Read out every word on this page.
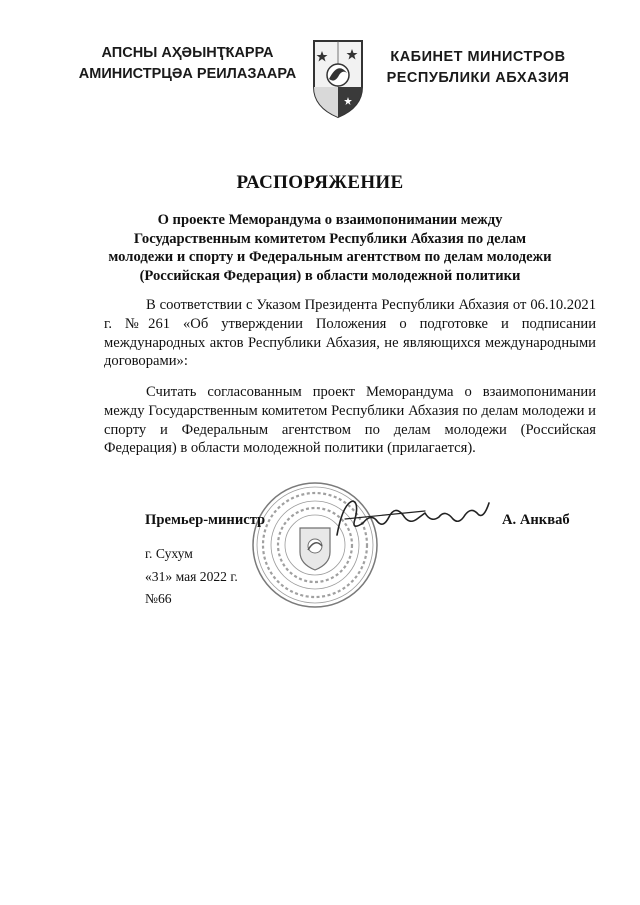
АПСНЫ АҲӘЫНҬҞАРРА
АМИНИСТРЦӘА РЕИЛАЗААРА
КАБИНЕТ МИНИСТРОВ
РЕСПУБЛИКИ АБХАЗИЯ
РАСПОРЯЖЕНИЕ
О проекте Меморандума о взаимопонимании между Государственным комитетом Республики Абхазия по делам молодежи и спорту и Федеральным агентством по делам молодежи (Российская Федерация) в области молодежной политики
В соответствии с Указом Президента Республики Абхазия от 06.10.2021 г. №261 «Об утверждении Положения о подготовке и подписании международных актов Республики Абхазия, не являющихся международными договорами»:
Считать согласованным проект Меморандума о взаимопонимании между Государственным комитетом Республики Абхазия по делам молодежи и спорту и Федеральным агентством по делам молодежи (Российская Федерация) в области молодежной политики (прилагается).
Премьер-министр	А. Анкваб
г. Сухум
«31» мая 2022 г.
№66
